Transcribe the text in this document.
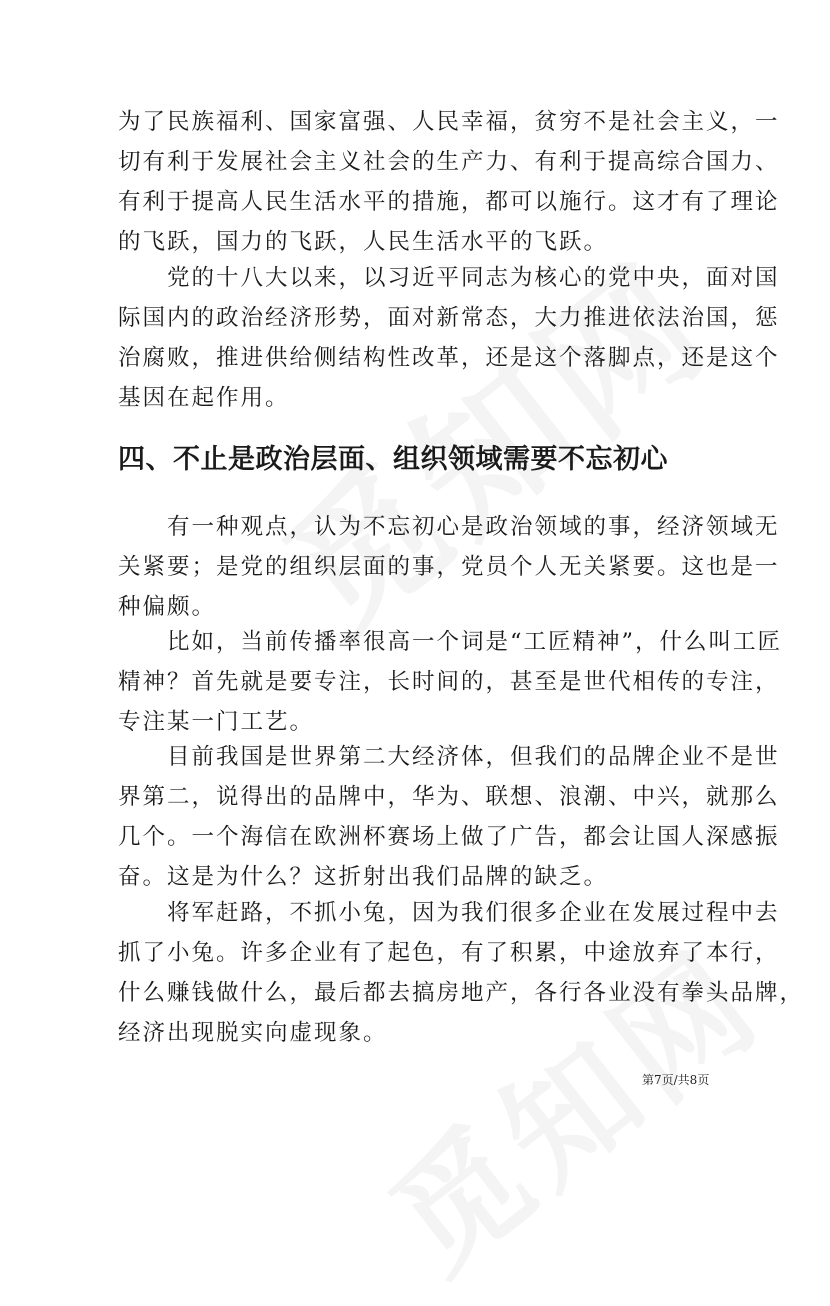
为了民族福利、国家富强、人民幸福，贫穷不是社会主义，一
切有利于发展社会主义社会的生产力、有利于提高综合国力、
有利于提高人民生活水平的措施，都可以施行。这才有了理论
的飞跃，国力的飞跃，人民生活水平的飞跃。
　　党的十八大以来，以习近平同志为核心的党中央，面对国
际国内的政治经济形势，面对新常态，大力推进依法治国，惩
治腐败，推进供给侧结构性改革，还是这个落脚点，还是这个
基因在起作用。
四、不止是政治层面、组织领域需要不忘初心
　　有一种观点，认为不忘初心是政治领域的事，经济领域无
关紧要；是党的组织层面的事，党员个人无关紧要。这也是一
种偏颇。
　　比如，当前传播率很高一个词是“工匠精神”，什么叫工匠
精神？首先就是要专注，长时间的，甚至是世代相传的专注，
专注某一门工艺。
　　目前我国是世界第二大经济体，但我们的品牌企业不是世
界第二，说得出的品牌中，华为、联想、浪潮、中兴，就那么
几个。一个海信在欧洲杯赛场上做了广告，都会让国人深感振
奋。这是为什么？这折射出我们品牌的缺乏。
　　将军赶路，不抓小兔，因为我们很多企业在发展过程中去
抓了小兔。许多企业有了起色，有了积累，中途放弃了本行，
什么赚钱做什么，最后都去搞房地产，各行各业没有拳头品牌，
经济出现脱实向虚现象。
第7页/共8页
